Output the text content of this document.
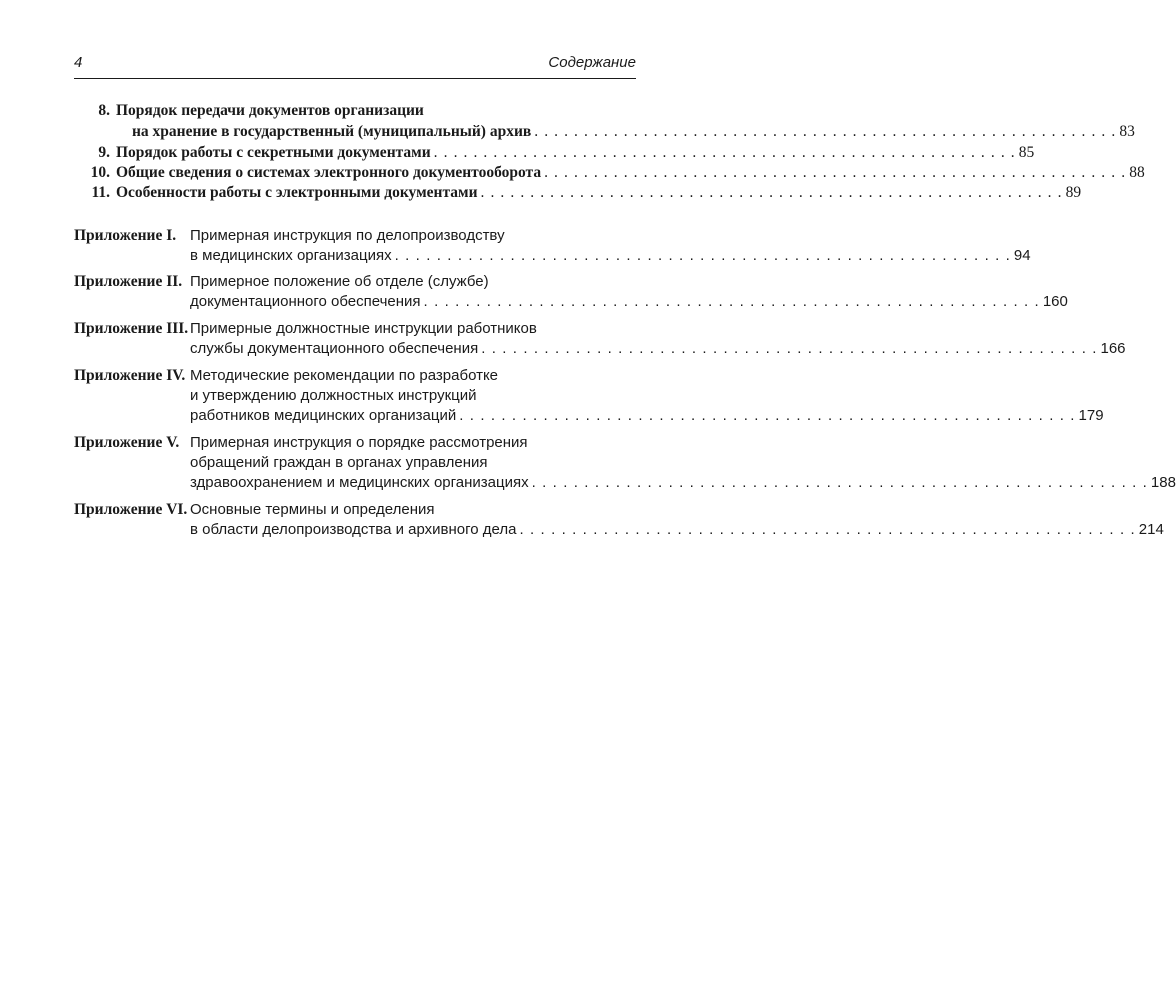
4	Содержание
8. Порядок передачи документов организации
на хранение в государственный (муниципальный) архив . . . . . . . . . . . . . . . . . . . . . . . . . . . . . . . . . . . . . . . . . . . . . . . . . . . . . . . . . . . 83
9. Порядок работы с секретными документами . . . . . . . . . . . . . . . . . . . . . . . . . . . . . . . . . . . . . . . . . . . . . . . . . . . . . . . . . . . 85
10. Общие сведения о системах электронного документооборота . . . . . . . . . . . . . . . . . . . . . . . . . . . . . . . . . . . . . . . . . . . . . . . . . . . . . . . . . . . 88
11. Особенности работы с электронными документами . . . . . . . . . . . . . . . . . . . . . . . . . . . . . . . . . . . . . . . . . . . . . . . . . . . . . . . . . . . 89
Приложение I. Примерная инструкция по делопроизводству
в медицинских организациях . . . . . . . . . . . . . . . . . . . . . . . . . . . . . . . . . . . . . . . . . . . . . . . . . . . . . . . . . . . 94
Приложение II. Примерное положение об отделе (службе)
документационного обеспечения . . . . . . . . . . . . . . . . . . . . . . . . . . . . . . . . . . . . . . . . . . . . . . . . . . . . . . . . . . . 160
Приложение III. Примерные должностные инструкции работников
службы документационного обеспечения . . . . . . . . . . . . . . . . . . . . . . . . . . . . . . . . . . . . . . . . . . . . . . . . . . . . . . . . . . . 166
Приложение IV. Методические рекомендации по разработке
и утверждению должностных инструкций
работников медицинских организаций . . . . . . . . . . . . . . . . . . . . . . . . . . . . . . . . . . . . . . . . . . . . . . . . . . . . . . . . . . . 179
Приложение V. Примерная инструкция о порядке рассмотрения
обращений граждан в органах управления
здравоохранением и медицинских организациях . . . . . . . . . . . . . . . . . . . . . . . . . . . . . . . . . . . . . . . . . . . . . . . . . . . . . . . . . . . 188
Приложение VI. Основные термины и определения
в области делопроизводства и архивного дела . . . . . . . . . . . . . . . . . . . . . . . . . . . . . . . . . . . . . . . . . . . . . . . . . . . . . . . . . . . 214
